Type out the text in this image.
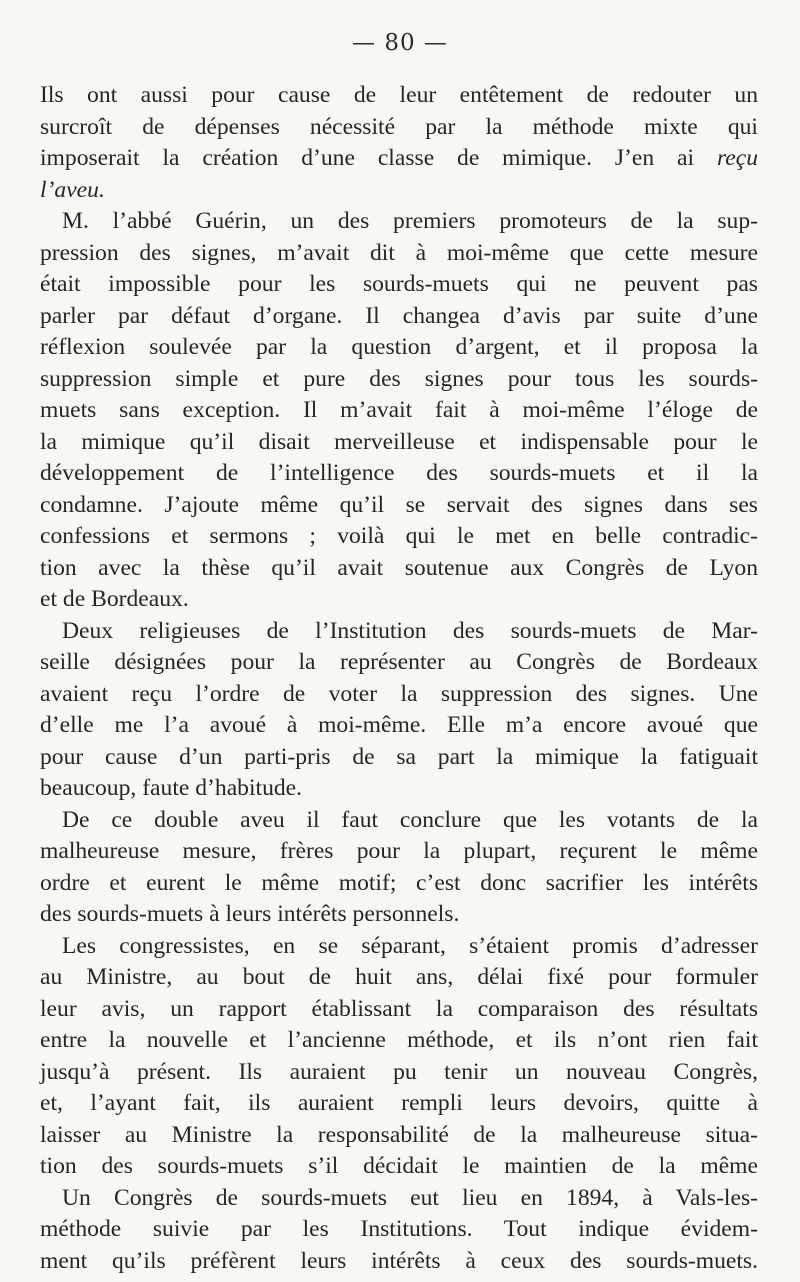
— 80 —
Ils ont aussi pour cause de leur entêtement de redouter un
surcroît de dépenses nécessité par la méthode mixte qui
imposerait la création d’une classe de mimique. J’en ai reçu
l’aveu.
M. l’abbé Guérin, un des premiers promoteurs de la sup-
pression des signes, m’avait dit à moi-même que cette mesure
était impossible pour les sourds-muets qui ne peuvent pas
parler par défaut d’organe. Il changea d’avis par suite d’une
réflexion soulevée par la question d’argent, et il proposa la
suppression simple et pure des signes pour tous les sourds-
muets sans exception. Il m’avait fait à moi-même l’éloge de
la mimique qu’il disait merveilleuse et indispensable pour le
développement de l’intelligence des sourds-muets et il la
condamne. J’ajoute même qu’il se servait des signes dans ses
confessions et sermons ; voilà qui le met en belle contradic-
tion avec la thèse qu’il avait soutenue aux Congrès de Lyon
et de Bordeaux.
Deux religieuses de l’Institution des sourds-muets de Mar-
seille désignées pour la représenter au Congrès de Bordeaux
avaient reçu l’ordre de voter la suppression des signes. Une
d’elle me l’a avoué à moi-même. Elle m’a encore avoué que
pour cause d’un parti-pris de sa part la mimique la fatiguait
beaucoup, faute d’habitude.
De ce double aveu il faut conclure que les votants de la
malheureuse mesure, frères pour la plupart, reçurent le même
ordre et eurent le même motif; c’est donc sacrifier les intérêts
des sourds-muets à leurs intérêts personnels.
Les congressistes, en se séparant, s’étaient promis d’adresser
au Ministre, au bout de huit ans, délai fixé pour formuler
leur avis, un rapport établissant la comparaison des résultats
entre la nouvelle et l’ancienne méthode, et ils n’ont rien fait
jusqu’à présent. Ils auraient pu tenir un nouveau Congrès,
et, l’ayant fait, ils auraient rempli leurs devoirs, quitte à
laisser au Ministre la responsabilité de la malheureuse situa-
tion des sourds-muets s’il décidait le maintien de la même
Un Congrès de sourds-muets eut lieu en 1894, à Vals-les-
méthode suivie par les Institutions. Tout indique évidem-
ment qu’ils préfèrent leurs intérêts à ceux des sourds-muets.
